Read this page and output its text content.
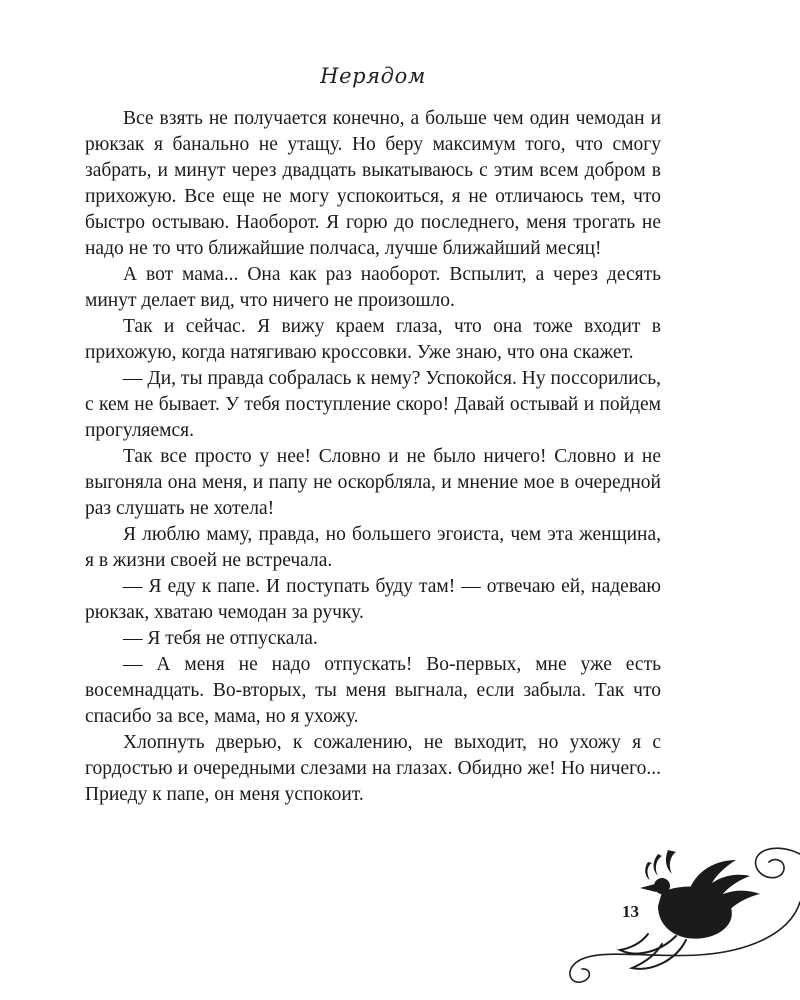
Нерядом

Все взять не получается конечно, а больше чем один чемодан и рюкзак я банально не утащу. Но беру максимум того, что смогу забрать, и минут через двадцать выкатываюсь с этим всем добром в прихожую. Все еще не могу успокоиться, я не отличаюсь тем, что быстро остываю. Наоборот. Я горю до последнего, меня трогать не надо не то что ближайшие полчаса, лучше ближайший месяц!

А вот мама... Она как раз наоборот. Вспылит, а через десять минут делает вид, что ничего не произошло.

Так и сейчас. Я вижу краем глаза, что она тоже входит в прихожую, когда натягиваю кроссовки. Уже знаю, что она скажет.

— Ди, ты правда собралась к нему? Успокойся. Ну поссорились, с кем не бывает. У тебя поступление скоро! Давай остывай и пойдем прогуляемся.

Так все просто у нее! Словно и не было ничего! Словно и не выгоняла она меня, и папу не оскорбляла, и мнение мое в очередной раз слушать не хотела!

Я люблю маму, правда, но большего эгоиста, чем эта женщина, я в жизни своей не встречала.

— Я еду к папе. И поступать буду там! — отвечаю ей, надеваю рюкзак, хватаю чемодан за ручку.

— Я тебя не отпускала.

— А меня не надо отпускать! Во-первых, мне уже есть восемнадцать. Во-вторых, ты меня выгнала, если забыла. Так что спасибо за все, мама, но я ухожу.

Хлопнуть дверью, к сожалению, не выходит, но ухожу я с гордостью и очередными слезами на глазах. Обидно же! Но ничего... Приеду к папе, он меня успокоит.

13
